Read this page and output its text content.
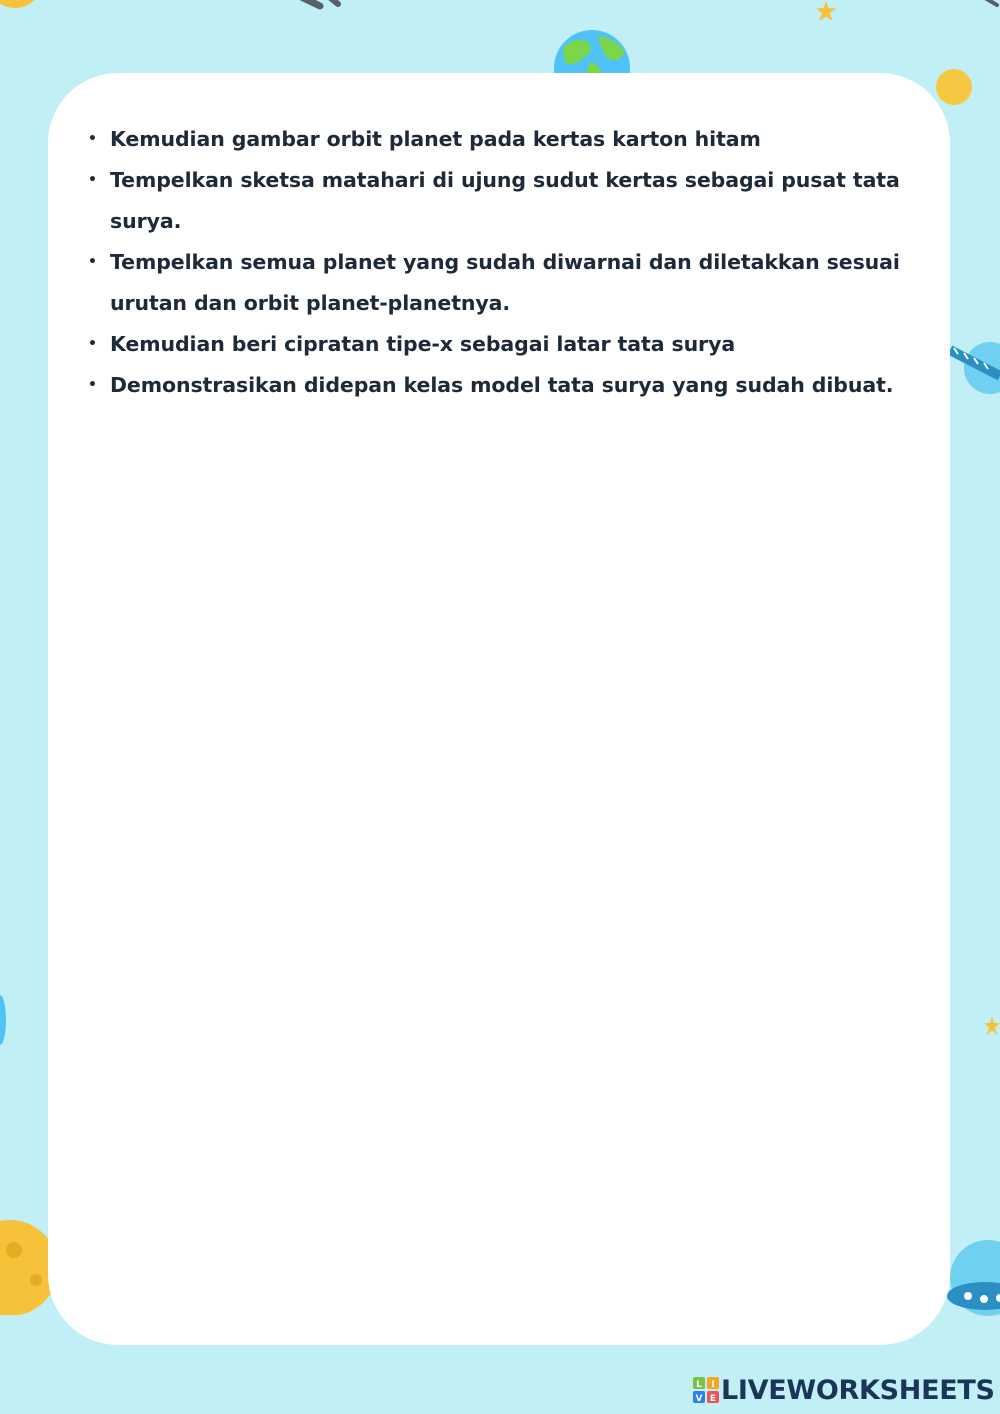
• Kemudian gambar orbit planet pada kertas karton hitam
• Tempelkan sketsa matahari di ujung sudut kertas sebagai pusat tata surya.
• Tempelkan semua planet yang sudah diwarnai dan diletakkan sesuai urutan dan orbit planet-planetnya.
• Kemudian beri cipratan tipe-x sebagai latar tata surya
• Demonstrasikan didepan kelas model tata surya yang sudah dibuat.
L I
V E LIVEWORKSHEETS
